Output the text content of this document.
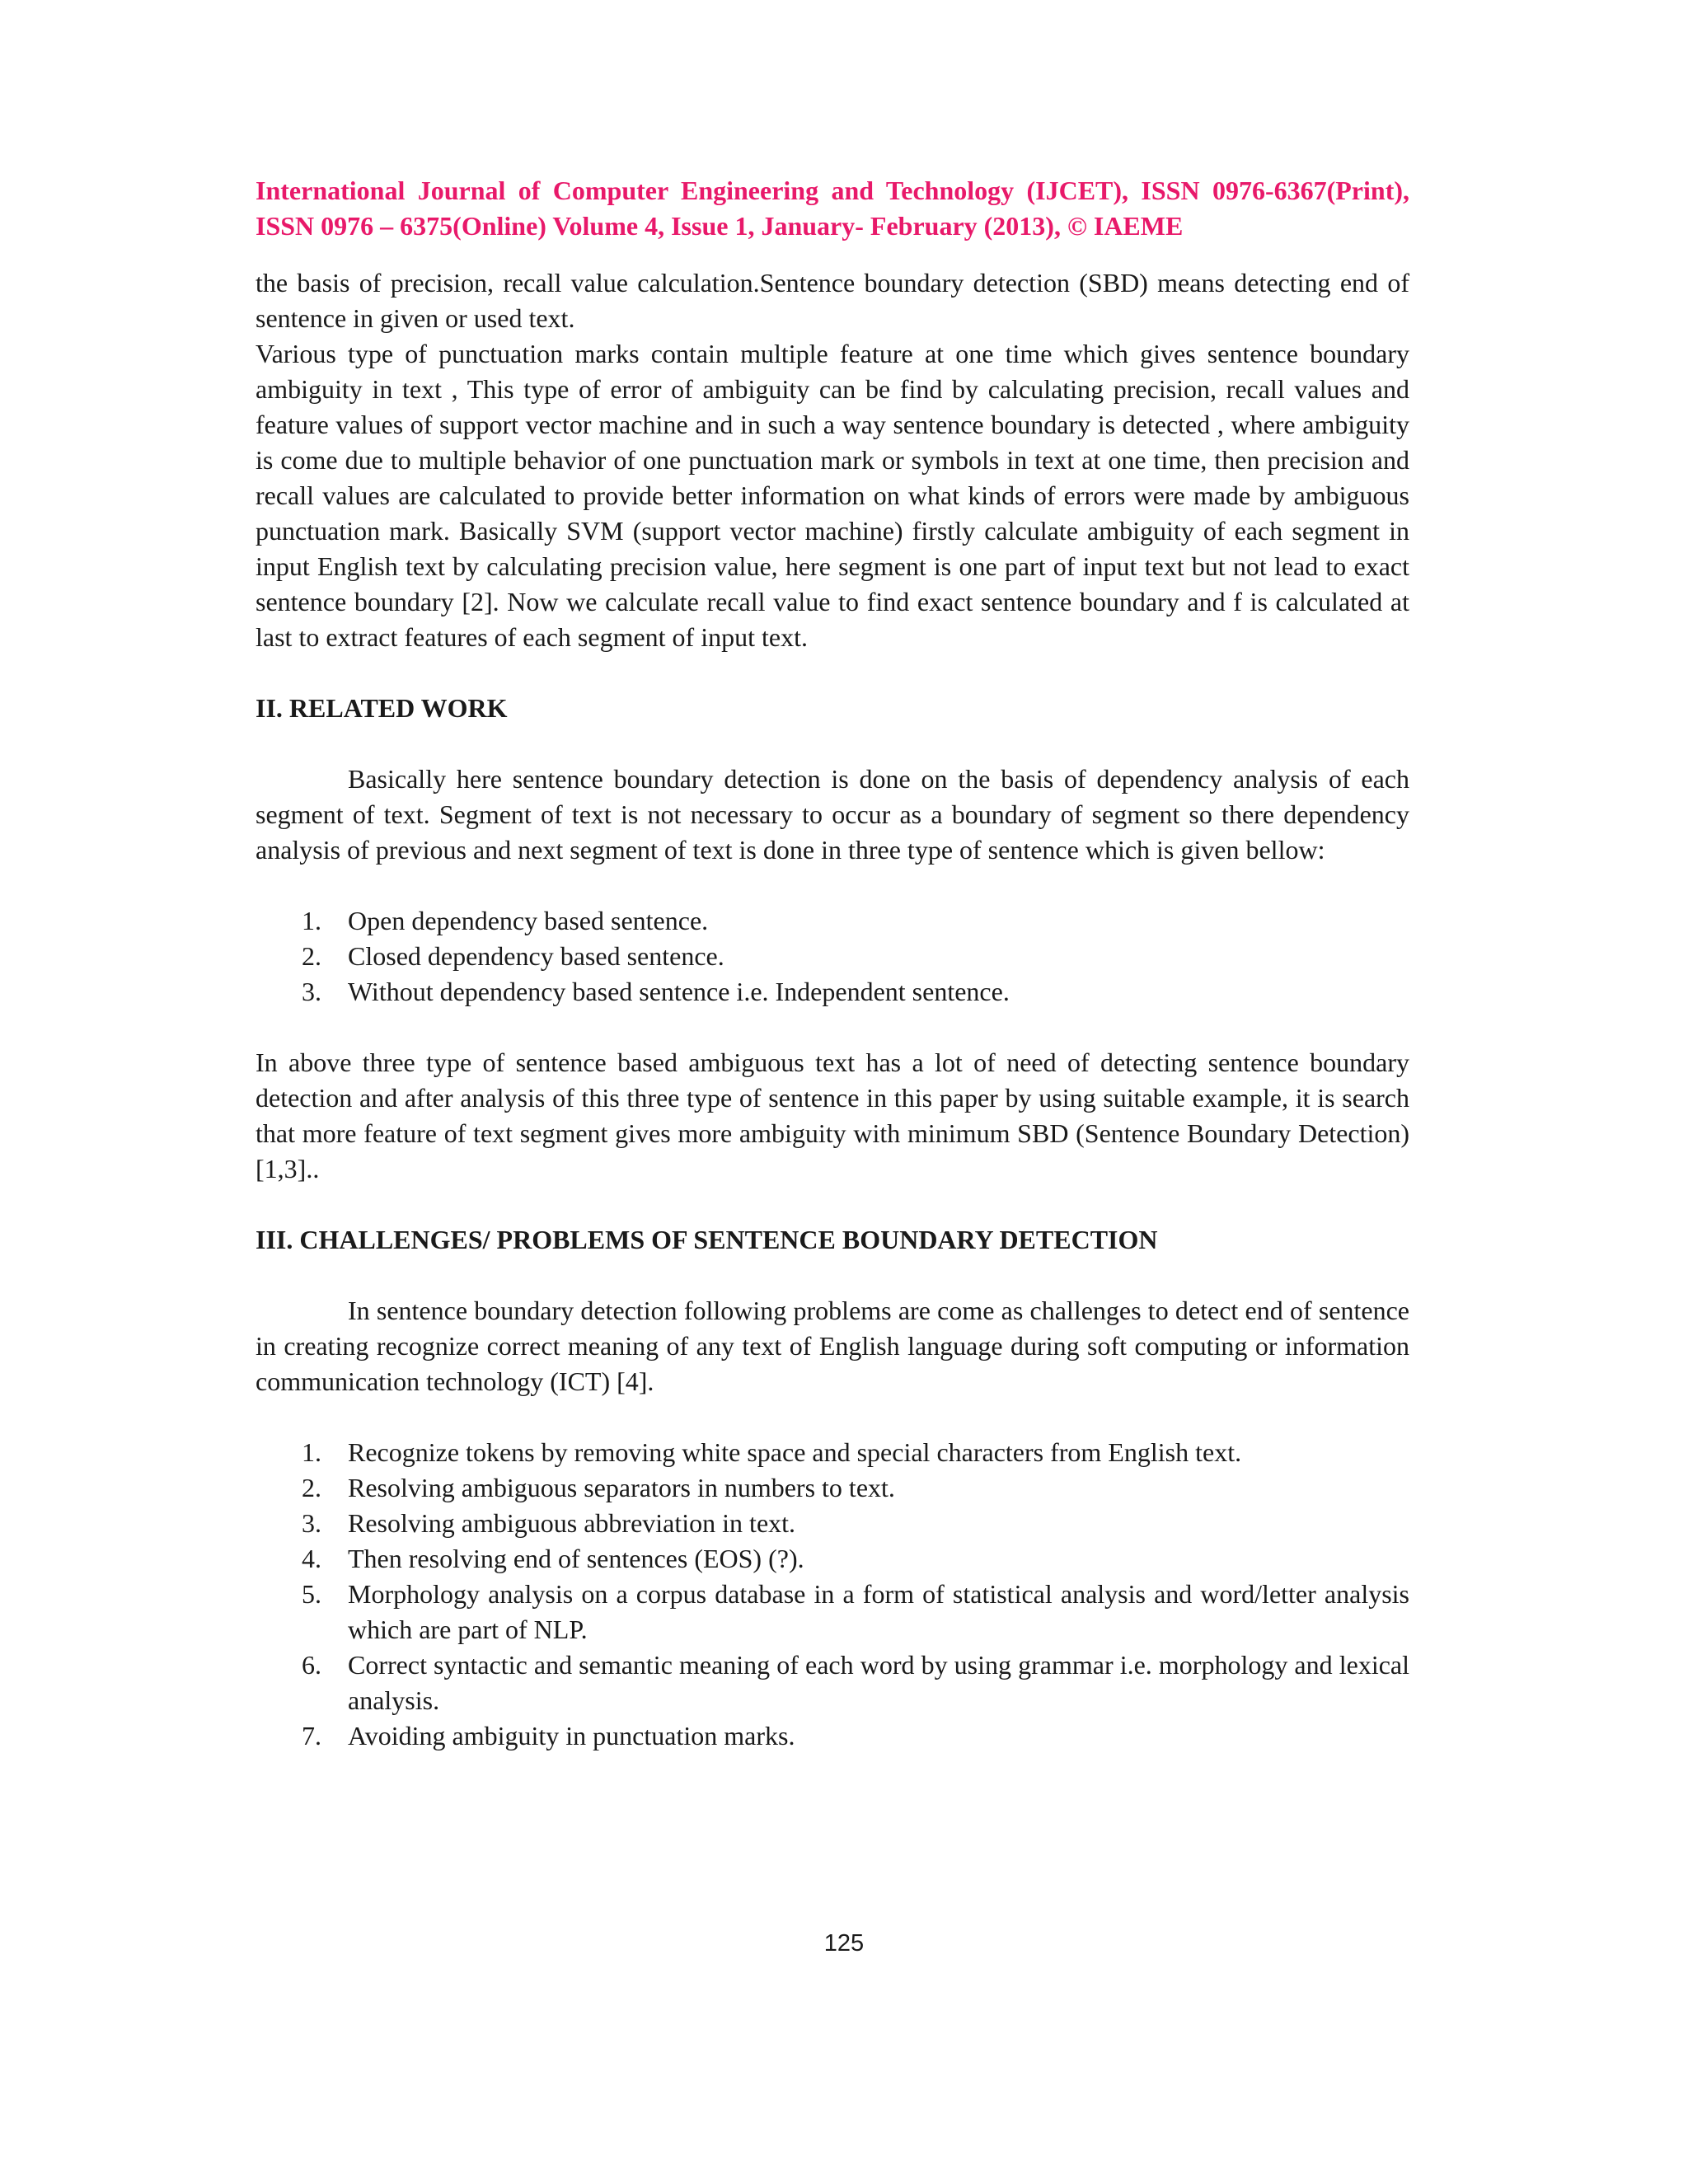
International Journal of Computer Engineering and Technology (IJCET), ISSN 0976-6367(Print), ISSN 0976 – 6375(Online) Volume 4, Issue 1, January- February (2013), © IAEME

the basis of precision, recall value calculation.Sentence boundary detection (SBD) means detecting end of sentence in given or used text.

Various type of punctuation marks contain multiple feature at one time which gives sentence boundary ambiguity in text , This type of error of ambiguity can be find by calculating precision, recall values and feature values of support vector machine and in such a way sentence boundary is detected , where ambiguity is come due to multiple behavior of one punctuation mark or symbols in text at one time, then precision and recall values are calculated to provide better information on what kinds of errors were made by ambiguous punctuation mark. Basically SVM (support vector machine) firstly calculate ambiguity of each segment in input English text by calculating precision value, here segment is one part of input text but not lead to exact sentence boundary [2]. Now we calculate recall value to find exact sentence boundary and f is calculated at last to extract features of each segment of input text.

II. RELATED WORK

Basically here sentence boundary detection is done on the basis of dependency analysis of each segment of text. Segment of text is not necessary to occur as a boundary of segment so there dependency analysis of previous and next segment of text is done in three type of sentence which is given bellow:

1.	Open dependency based sentence.
2.	Closed dependency based sentence.
3.	Without dependency based sentence i.e. Independent sentence.

In above three type of sentence based ambiguous text has a lot of need of detecting sentence boundary detection and after analysis of this three type of sentence in this paper by using suitable example, it is search that more feature of text segment gives more ambiguity with minimum SBD (Sentence Boundary Detection) [1,3]..

III. CHALLENGES/ PROBLEMS OF SENTENCE BOUNDARY DETECTION

In sentence boundary detection following problems are come as challenges to detect end of sentence in creating recognize correct meaning of any text of English language during soft computing or information communication technology (ICT) [4].

1.	Recognize tokens by removing white space and special characters from English text.
2.	Resolving ambiguous separators in numbers to text.
3.	Resolving ambiguous abbreviation in text.
4.	Then resolving end of sentences (EOS) (?).
5.	Morphology analysis on a corpus database in a form of statistical analysis and word/letter analysis which are part of NLP.
6.	Correct syntactic and semantic meaning of each word by using grammar i.e. morphology and lexical analysis.
7.	Avoiding ambiguity in punctuation marks.
125
